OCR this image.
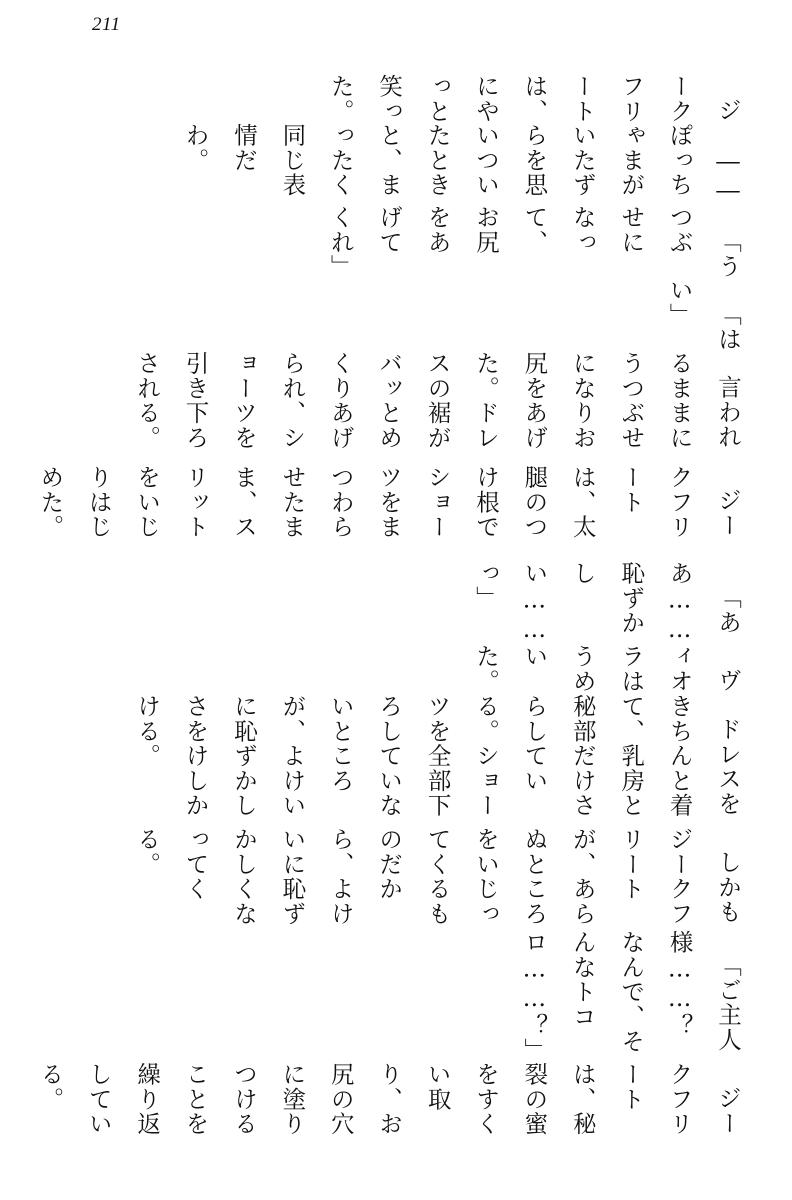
211

ジークフリートは、にやっと笑った。

――ぽっちゃまがいたずらを思いついたときと、まったく同じ表情だわ。

「うつぶせになって、お尻をあげてくれ」

「はい」

言われるままにうつぶせになりお尻をあげた。ドレスの裾がバッとめくりあげられ、ショーツを引き下ろされる。

ジークフリートは、太腿のつけ根でショーツをまつわらせたまま、スリットをいじりはじめた。

「ああ……恥ずかしい……っ」

ヴィオラはうめいた。

ドレスをきちんと着て、乳房と秘部だけさらしている。ショーツを全部下ろしていないところが、よけいに恥ずかしさをけしかける。

しかもジークフリートが、あらぬところをいじってくるものだから、よけいに恥ずかしくなってくる。

「ご主人様……？　なんで、そんなトコロ……？」

ジークフリートは、秘裂の蜜をすくい取り、お尻の穴に塗りつけることを繰り返している。
